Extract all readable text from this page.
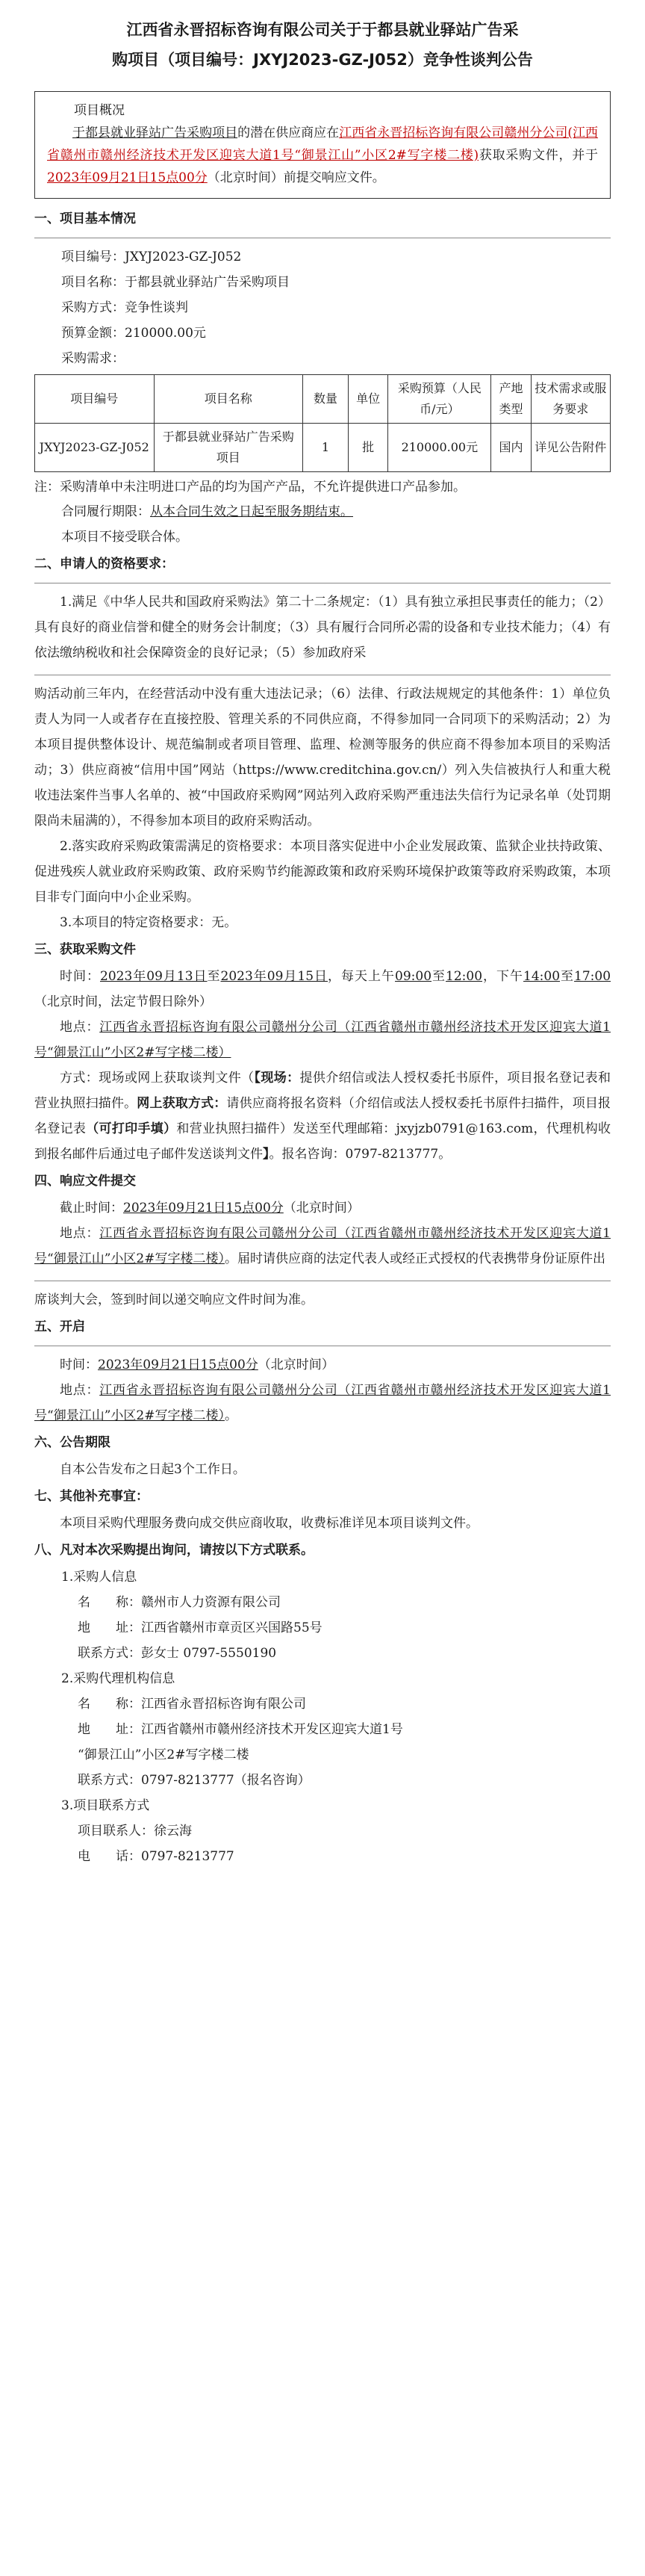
江西省永晋招标咨询有限公司关于于都县就业驿站广告采
购项目（项目编号：JXYJ2023-GZ-J052）竞争性谈判公告
项目概况
于都县就业驿站广告采购项目的潜在供应商应在江西省永晋招标咨询有限公司赣州分公司(江西省赣州市赣州经济技术开发区迎宾大道1号“御景江山”小区2#写字楼二楼)获取采购文件，并于2023年09月21日15点00分（北京时间）前提交响应文件。
一、项目基本情况
项目编号：JXYJ2023-GZ-J052
项目名称：于都县就业驿站广告采购项目
采购方式：竞争性谈判
预算金额：210000.00元
采购需求：
项目编号	项目名称	数量	单位	采购预算（人民币/元）	产地类型	技术需求或服务要求
JXYJ2023-GZ-J052	于都县就业驿站广告采购项目	1	批	210000.00元	国内	详见公告附件
注：采购清单中未注明进口产品的均为国产产品，不允许提供进口产品参加。
合同履行期限：从本合同生效之日起至服务期结束。
本项目不接受联合体。
二、申请人的资格要求：
1.满足《中华人民共和国政府采购法》第二十二条规定：（1）具有独立承担民事责任的能力；（2）具有良好的商业信誉和健全的财务会计制度；（3）具有履行合同所必需的设备和专业技术能力；（4）有依法缴纳税收和社会保障资金的良好记录；（5）参加政府采
购活动前三年内，在经营活动中没有重大违法记录；（6）法律、行政法规规定的其他条件：1）单位负责人为同一人或者存在直接控股、管理关系的不同供应商，不得参加同一合同项下的采购活动；2）为本项目提供整体设计、规范编制或者项目管理、监理、检测等服务的供应商不得参加本项目的采购活动；3）供应商被“信用中国”网站（https://www.creditchina.gov.cn/）列入失信被执行人和重大税收违法案件当事人名单的、被“中国政府采购网”网站列入政府采购严重违法失信行为记录名单（处罚期限尚未届满的），不得参加本项目的政府采购活动。
2.落实政府采购政策需满足的资格要求：本项目落实促进中小企业发展政策、监狱企业扶持政策、促进残疾人就业政府采购政策、政府采购节约能源政策和政府采购环境保护政策等政府采购政策，本项目非专门面向中小企业采购。
3.本项目的特定资格要求：无。
三、获取采购文件
时间：2023年09月13日至2023年09月15日，每天上午09:00至12:00，下午14:00至17:00（北京时间，法定节假日除外）
地点：江西省永晋招标咨询有限公司赣州分公司（江西省赣州市赣州经济技术开发区迎宾大道1号“御景江山”小区2#写字楼二楼）
方式：现场或网上获取谈判文件（【现场：提供介绍信或法人授权委托书原件，项目报名登记表和营业执照扫描件。网上获取方式：请供应商将报名资料（介绍信或法人授权委托书原件扫描件，项目报名登记表（可打印手填）和营业执照扫描件）发送至代理邮箱：jxyjzb0791@163.com，代理机构收到报名邮件后通过电子邮件发送谈判文件】。报名咨询：0797-8213777。
四、响应文件提交
截止时间：2023年09月21日15点00分（北京时间）
地点：江西省永晋招标咨询有限公司赣州分公司（江西省赣州市赣州经济技术开发区迎宾大道1号“御景江山”小区2#写字楼二楼）。届时请供应商的法定代表人或经正式授权的代表携带身份证原件出
席谈判大会，签到时间以递交响应文件时间为准。
五、开启
时间：2023年09月21日15点00分（北京时间）
地点：江西省永晋招标咨询有限公司赣州分公司（江西省赣州市赣州经济技术开发区迎宾大道1号“御景江山”小区2#写字楼二楼）。
六、公告期限
自本公告发布之日起3个工作日。
七、其他补充事宜：
本项目采购代理服务费向成交供应商收取，收费标准详见本项目谈判文件。
八、凡对本次采购提出询问，请按以下方式联系。
1.采购人信息
名　　称： 赣州市人力资源有限公司
地　　址： 江西省赣州市章贡区兴国路55号
联系方式： 彭女士 0797-5550190
2.采购代理机构信息
名　　称： 江西省永晋招标咨询有限公司
地　　址： 江西省赣州市赣州经济技术开发区迎宾大道1号
“御景江山”小区2#写字楼二楼
联系方式： 0797-8213777（报名咨询）
3.项目联系方式
项目联系人：徐云海
电　　话： 0797-8213777
